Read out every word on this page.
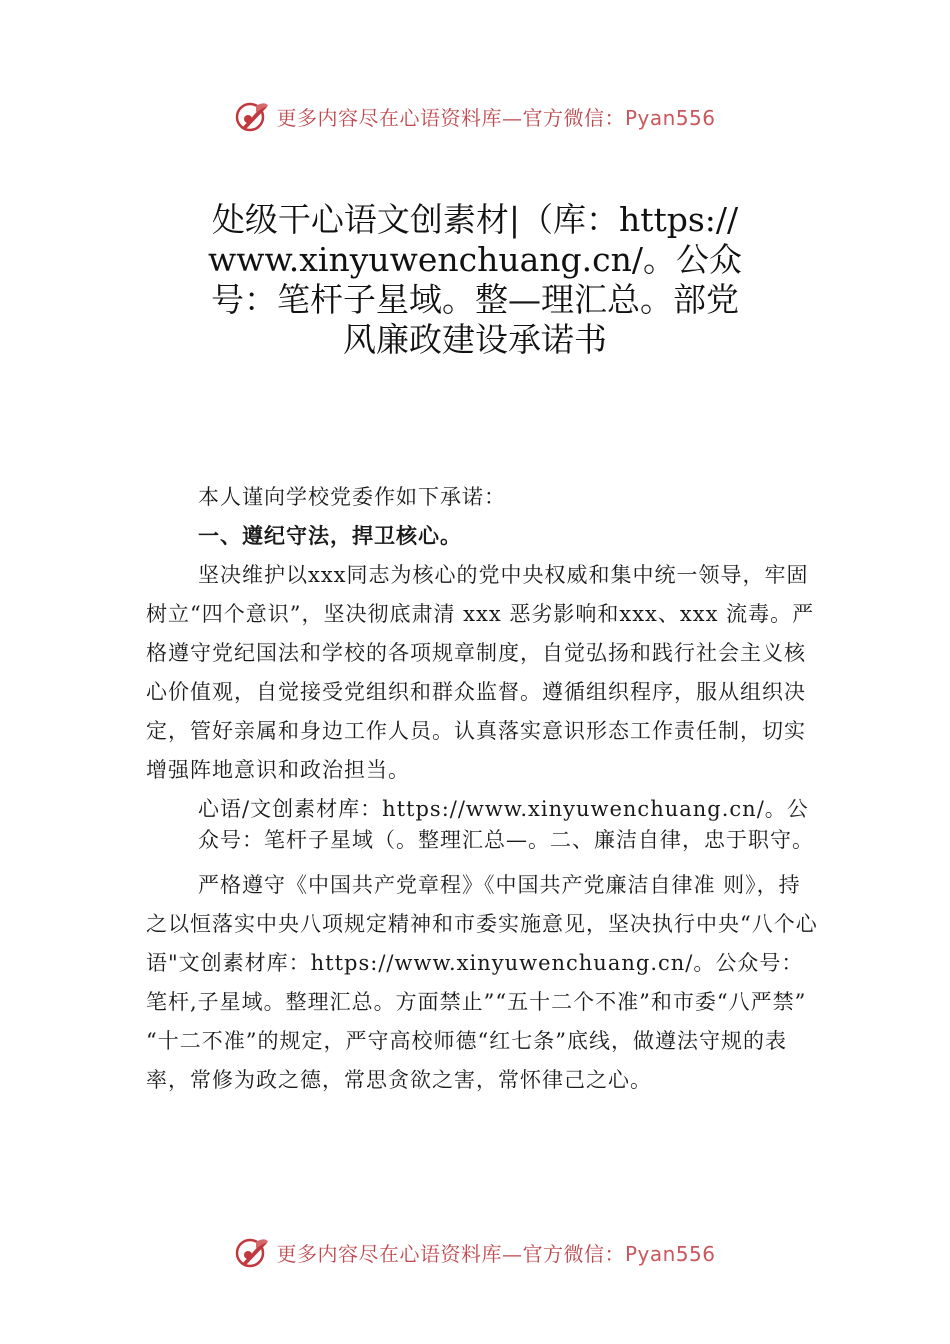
更多内容尽在心语资料库—官方微信：Pyan556
处级干心语文创素材|（库：https://www.xinyuwenchuang.cn/。公众号：笔杆子星域。整—理汇总。部党风廉政建设承诺书

本人谨向学校党委作如下承诺：

一、遵纪守法，捍卫核心。

坚决维护以xxx同志为核心的党中央权威和集中统一领导，牢固树立“四个意识”，坚决彻底肃清 xxx 恶劣影响和xxx、xxx 流毒。严格遵守党纪国法和学校的各项规章制度，自觉弘扬和践行社会主义核心价值观，自觉接受党组织和群众监督。遵循组织程序，服从组织决定，管好亲属和身边工作人员。认真落实意识形态工作责任制，切实增强阵地意识和政治担当。

心语/文创素材库：https://www.xinyuwenchuang.cn/。公众号：笔杆子星域（。整理汇总—。二、廉洁自律，忠于职守。

严格遵守《中国共产党章程》《中国共产党廉洁自律准 则》，持之以恒落实中央八项规定精神和市委实施意见，坚决执行中央“八个心语"文创素材库：https://www.xinyuwenchuang.cn/。公众号：笔杆,子星域。整理汇总。方面禁止”“五十二个不准”和市委“八严禁” “十二不准”的规定，严守高校师德“红七条”底线，做遵法守规的表率，常修为政之德，常思贪欲之害，常怀律己之心。

更多内容尽在心语资料库—官方微信：Pyan556
